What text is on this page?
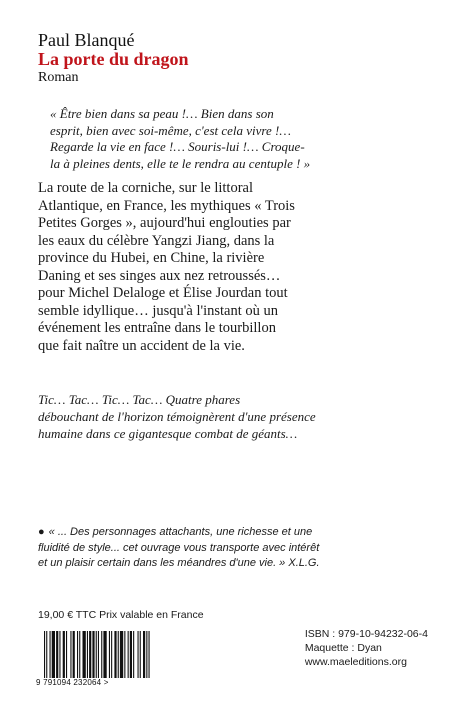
Paul Blanqué
La porte du dragon
Roman

« Être bien dans sa peau !… Bien dans son

esprit, bien avec soi-même, c'est cela vivre !…

Regarde la vie en face !… Souris-lui !… Croque-

la à pleines dents, elle te le rendra au centuple ! »

La route de la corniche, sur le littoral

Atlantique, en France, les mythiques « Trois

Petites Gorges », aujourd'hui englouties par

les eaux du célèbre Yangzi Jiang, dans la

province du Hubei, en Chine, la rivière

Daning et ses singes aux nez retroussés…

pour Michel Delaloge et Élise Jourdan tout

semble idyllique… jusqu'à l'instant où un

événement les entraîne dans le tourbillon

que fait naître un accident de la vie.

Tic… Tac… Tic… Tac… Quatre phares

débouchant de l'horizon témoignèrent d'une présence

humaine dans ce gigantesque combat de géants…

● « ... Des personnages attachants, une richesse et une

fluidité de style... cet ouvrage vous transporte avec intérêt

et un plaisir certain dans les méandres d'une vie. » X.L.G.

19,00 € TTC Prix valable en France
9 791094 232064 >
ISBN : 979-10-94232-06-4
Maquette : Dyan
www.maeleditions.org
